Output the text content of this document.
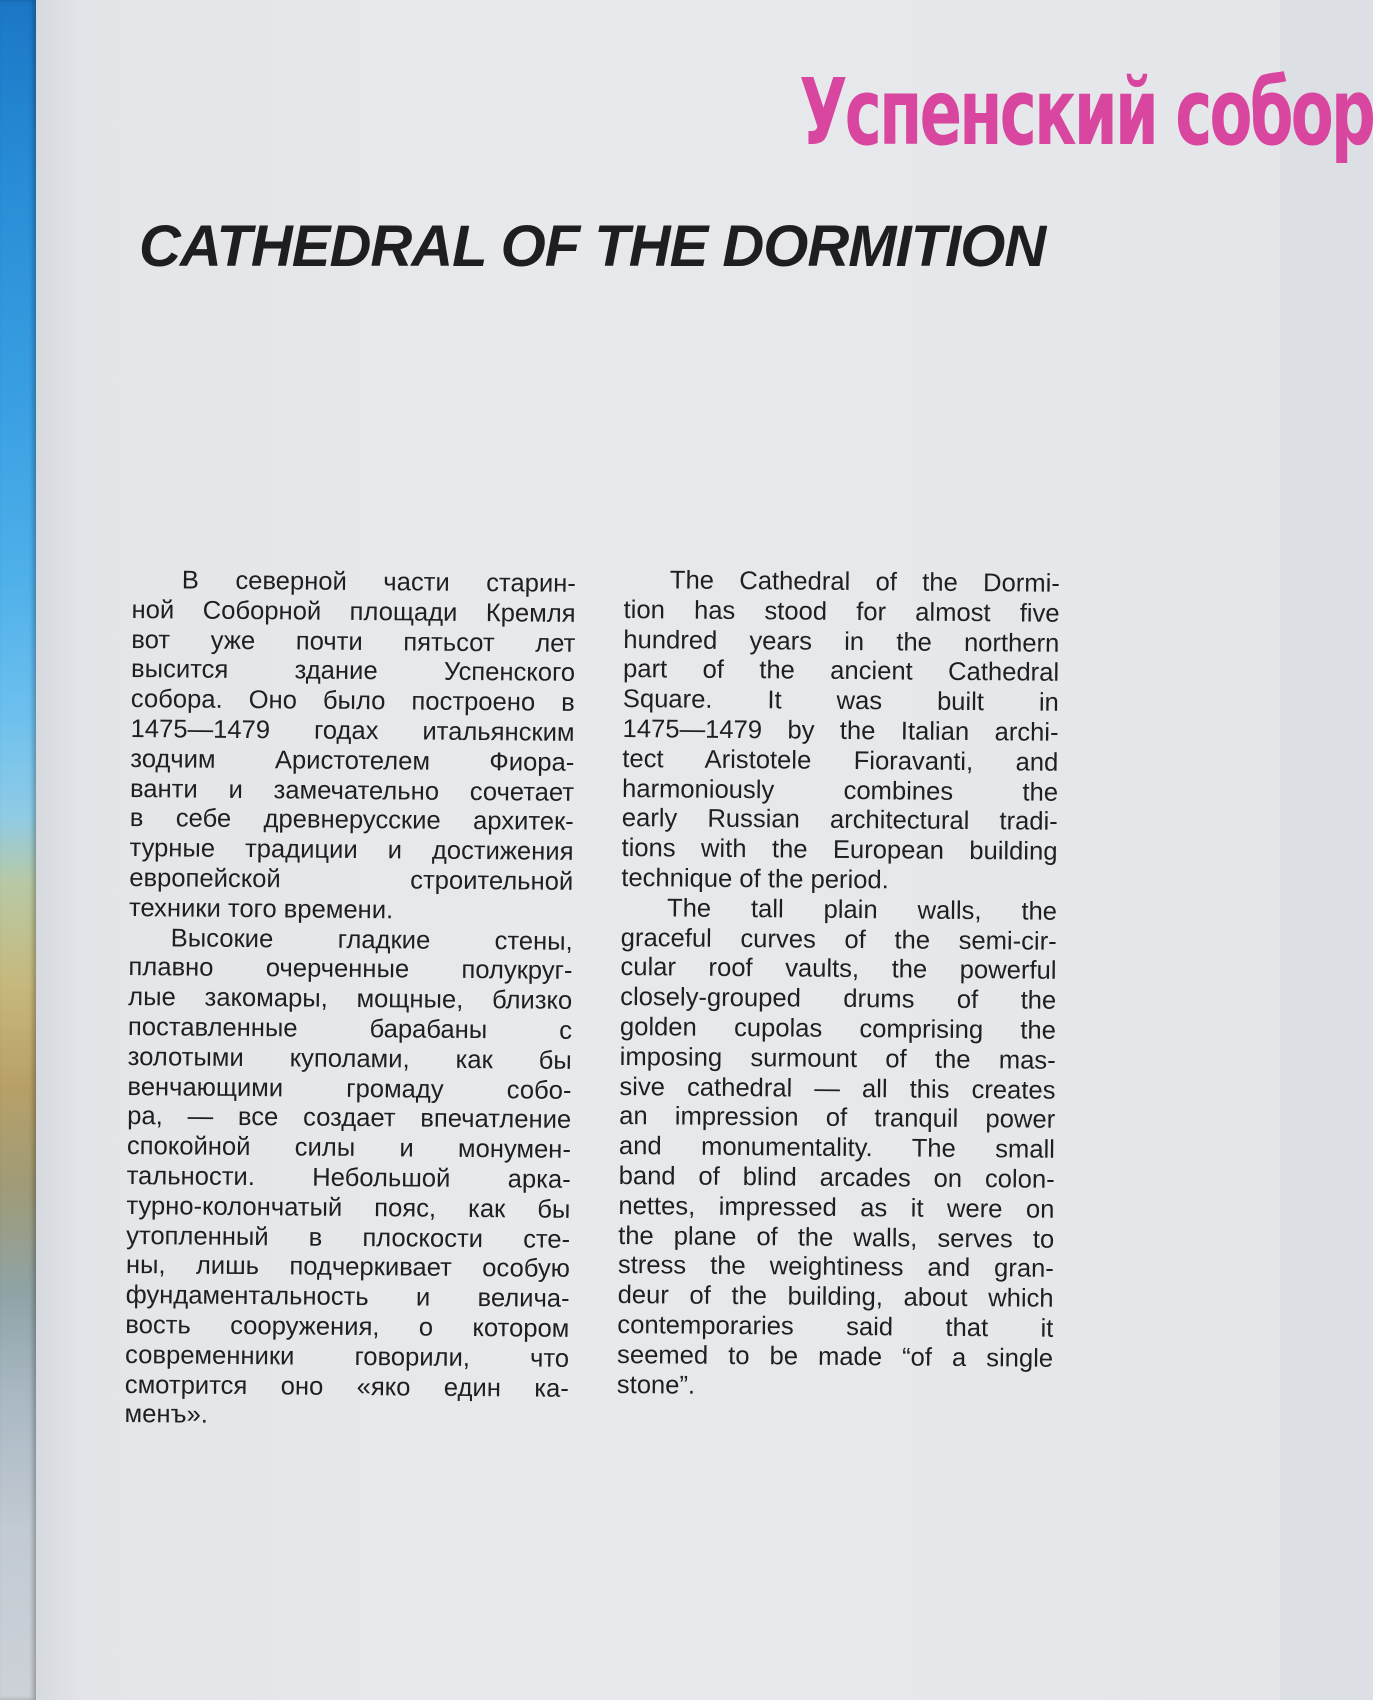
Успенский собор
CATHEDRAL OF THE DORMITION
В северной части старин-
ной Соборной площади Кремля
вот уже почти пятьсот лет
высится здание Успенского
собора. Оно было построено в
1475—1479 годах итальянским
зодчим Аристотелем Фиора-
ванти и замечательно сочетает
в себе древнерусские архитек-
турные традиции и достижения
европейской строительной
техники того времени.
Высокие гладкие стены,
плавно очерченные полукруг-
лые закомары, мощные, близко
поставленные барабаны с
золотыми куполами, как бы
венчающими громаду собо-
ра, — все создает впечатление
спокойной силы и монумен-
тальности. Небольшой арка-
турно-колончатый пояс, как бы
утопленный в плоскости сте-
ны, лишь подчеркивает особую
фундаментальность и велича-
вость сооружения, о котором
современники говорили, что
смотрится оно «яко един ка-
менъ».
The Cathedral of the Dormi-
tion has stood for almost five
hundred years in the northern
part of the ancient Cathedral
Square. It was built in
1475—1479 by the Italian archi-
tect Aristotele Fioravanti, and
harmoniously combines the
early Russian architectural tradi-
tions with the European building
technique of the period.
The tall plain walls, the
graceful curves of the semi-cir-
cular roof vaults, the powerful
closely-grouped drums of the
golden cupolas comprising the
imposing surmount of the mas-
sive cathedral — all this creates
an impression of tranquil power
and monumentality. The small
band of blind arcades on colon-
nettes, impressed as it were on
the plane of the walls, serves to
stress the weightiness and gran-
deur of the building, about which
contemporaries said that it
seemed to be made “of a single
stone”.
